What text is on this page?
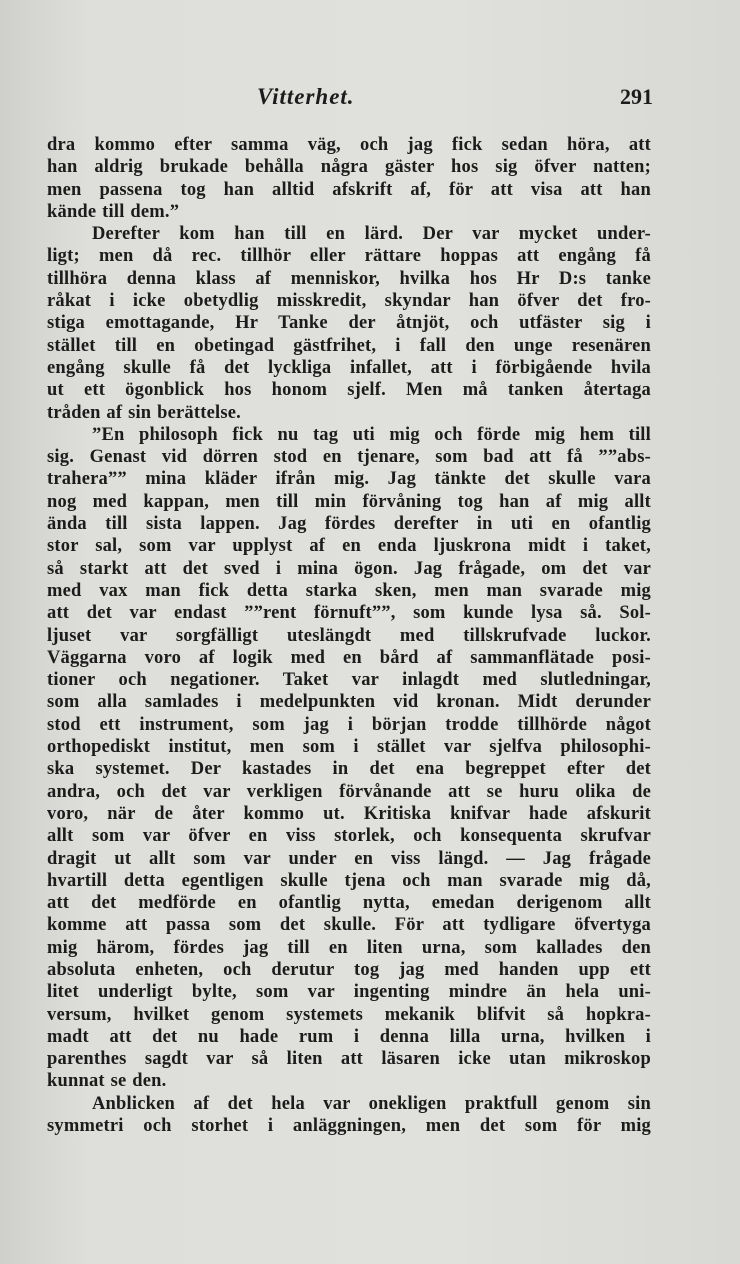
Vitterhet.	291
dra kommo efter samma väg, och jag fick sedan höra, att
han aldrig brukade behålla några gäster hos sig öfver natten;
men passena tog han alltid afskrift af, för att visa att han
kände till dem.”
Derefter kom han till en lärd. Der var mycket under-
ligt; men då rec. tillhör eller rättare hoppas att engång få
tillhöra denna klass af menniskor, hvilka hos Hr D:s tanke
råkat i icke obetydlig misskredit, skyndar han öfver det fro-
stiga emottagande, Hr Tanke der åtnjöt, och utfäster sig i
stället till en obetingad gästfrihet, i fall den unge resenären
engång skulle få det lyckliga infallet, att i förbigående hvila
ut ett ögonblick hos honom sjelf. Men må tanken återtaga
tråden af sin berättelse.
”En philosoph fick nu tag uti mig och förde mig hem till
sig. Genast vid dörren stod en tjenare, som bad att få ””abs-
trahera”” mina kläder ifrån mig. Jag tänkte det skulle vara
nog med kappan, men till min förvåning tog han af mig allt
ända till sista lappen. Jag fördes derefter in uti en ofantlig
stor sal, som var upplyst af en enda ljuskrona midt i taket,
så starkt att det sved i mina ögon. Jag frågade, om det var
med vax man fick detta starka sken, men man svarade mig
att det var endast ””rent förnuft””, som kunde lysa så. Sol-
ljuset var sorgfälligt uteslängdt med tillskrufvade luckor.
Väggarna voro af logik med en bård af sammanflätade posi-
tioner och negationer. Taket var inlagdt med slutledningar,
som alla samlades i medelpunkten vid kronan. Midt derunder
stod ett instrument, som jag i början trodde tillhörde något
orthopediskt institut, men som i stället var sjelfva philosophi-
ska systemet. Der kastades in det ena begreppet efter det
andra, och det var verkligen förvånande att se huru olika de
voro, när de åter kommo ut. Kritiska knifvar hade afskurit
allt som var öfver en viss storlek, och konsequenta skrufvar
dragit ut allt som var under en viss längd. — Jag frågade
hvartill detta egentligen skulle tjena och man svarade mig då,
att det medförde en ofantlig nytta, emedan derigenom allt
komme att passa som det skulle. För att tydligare öfvertyga
mig härom, fördes jag till en liten urna, som kallades den
absoluta enheten, och derutur tog jag med handen upp ett
litet underligt bylte, som var ingenting mindre än hela uni-
versum, hvilket genom systemets mekanik blifvit så hopkra-
madt att det nu hade rum i denna lilla urna, hvilken i
parenthes sagdt var så liten att läsaren icke utan mikroskop
kunnat se den.
Anblicken af det hela var onekligen praktfull genom sin
symmetri och storhet i anläggningen, men det som för mig
